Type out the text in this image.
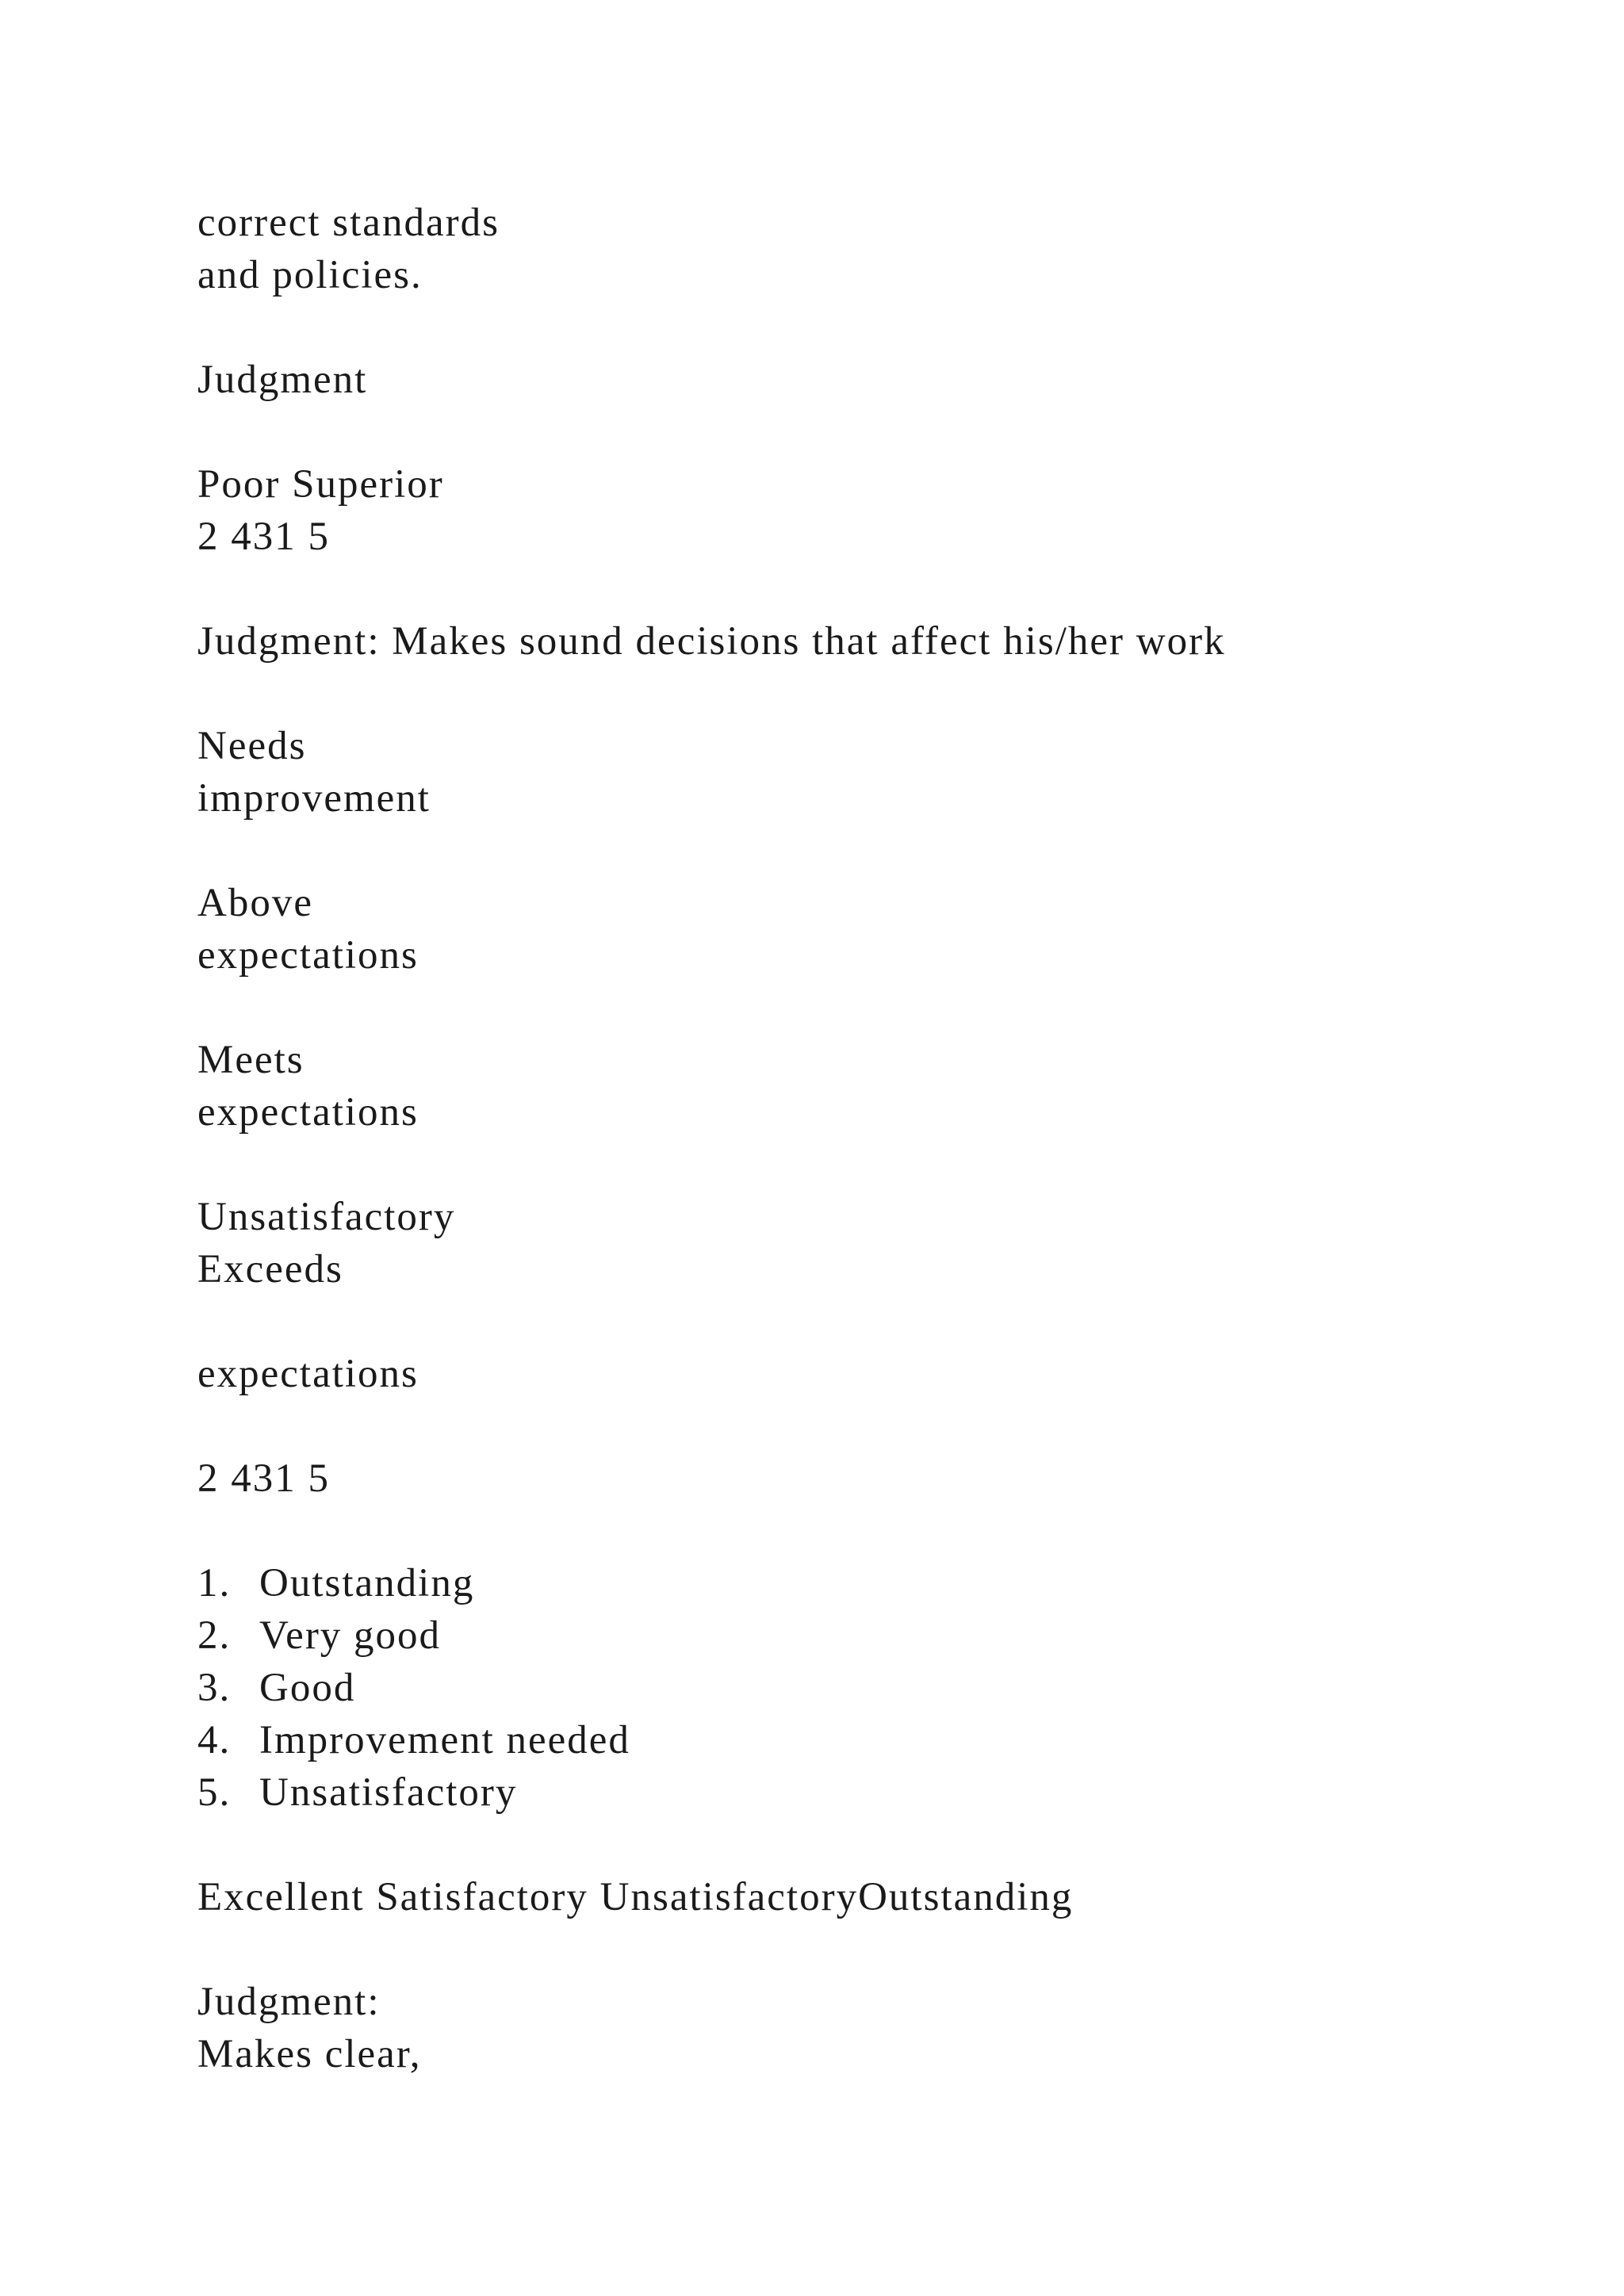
correct standards

and policies.

Judgment

Poor Superior

2 431 5

Judgment: Makes sound decisions that affect his/her work

Needs

improvement

Above

expectations

Meets

expectations

Unsatisfactory

Exceeds

expectations

2 431 5

1. Outstanding

2. Very good

3. Good

4. Improvement needed

5. Unsatisfactory

Excellent Satisfactory UnsatisfactoryOutstanding

Judgment:

Makes clear,
